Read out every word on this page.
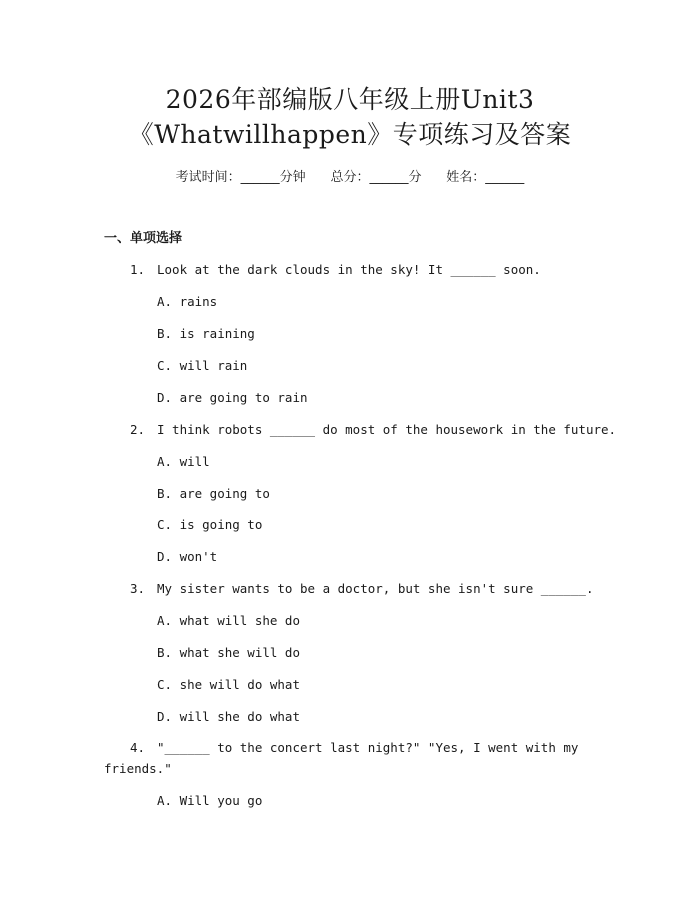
2026年部编版八年级上册Unit3
《Whatwillhappen》专项练习及答案
考试时间：______分钟 总分：______分 姓名：______
一、单项选择
1. Look at the dark clouds in the sky! It ______ soon.
A. rains
B. is raining
C. will rain
D. are going to rain
2. I think robots ______ do most of the housework in the future.
A. will
B. are going to
C. is going to
D. won't
3. My sister wants to be a doctor, but she isn't sure ______.
A. what will she do
B. what she will do
C. she will do what
D. will she do what
4. "______ to the concert last night?" "Yes, I went with my
friends."
A. Will you go
